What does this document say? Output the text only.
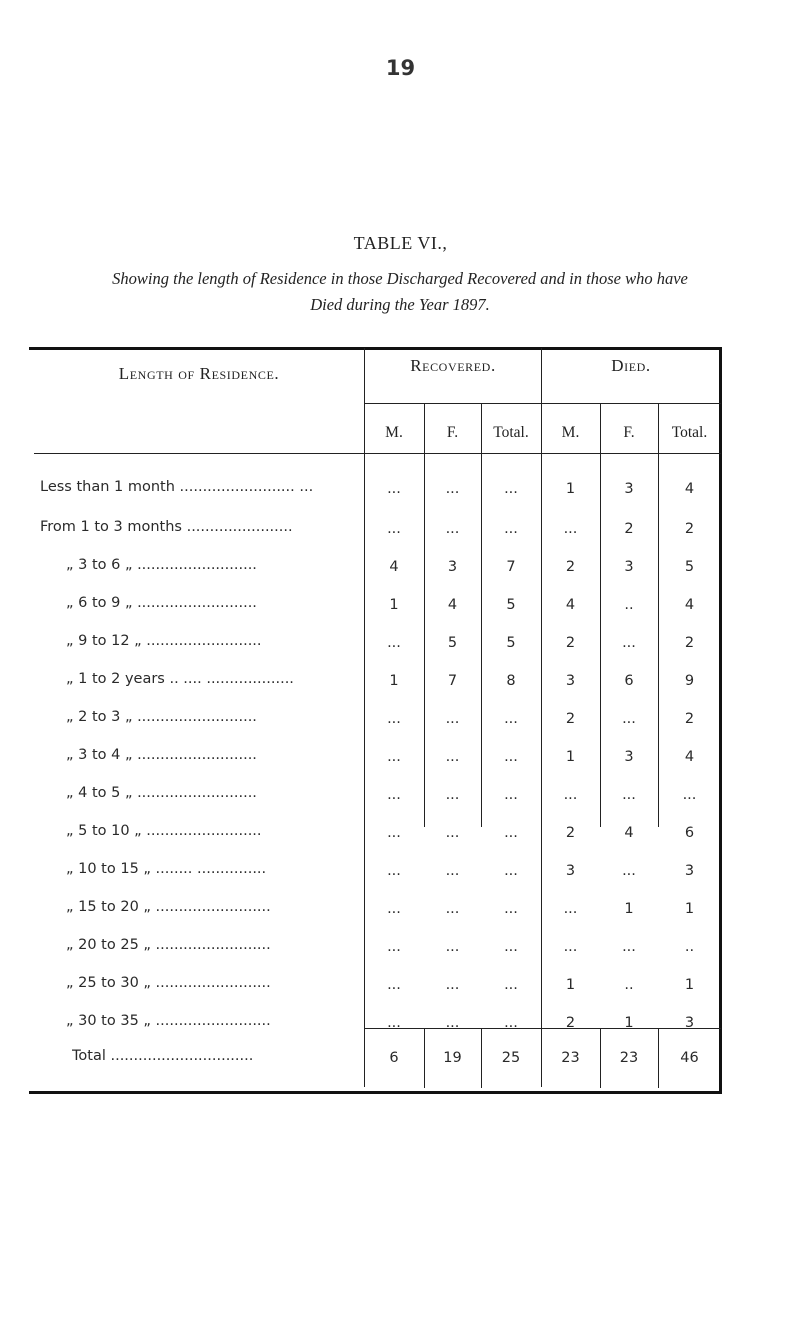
19
TABLE VI.,
Showing the length of Residence in those Discharged Recovered and in those who have
Died during the Year 1897.
Length of Residence.	Recovered.	Died.
M.	F.	Total.	M.	F.	Total.
Less than 1 month ......................... ...	...	...	...	1	3	4
From 1 to 3 months .......................	...	...	...	...	2	2
„ 3 to 6 „ ..........................	4	3	7	2	3	5
„ 6 to 9 „ ..........................	1	4	5	4	..	4
„ 9 to 12 „ .........................	...	5	5	2	...	2
„ 1 to 2 years .. .... ...................	1	7	8	3	6	9
„ 2 to 3 „ ..........................	...	...	...	2	...	2
„ 3 to 4 „ ..........................	...	...	...	1	3	4
„ 4 to 5 „ ..........................	...	...	...	...	...	...
„ 5 to 10 „ .........................	...	...	...	2	4	6
„ 10 to 15 „ ........ ...............	...	...	...	3	...	3
„ 15 to 20 „ .........................	...	...	...	...	1	1
„ 20 to 25 „ .........................	...	...	...	...	...	..
„ 25 to 30 „ .........................	...	...	...	1	..	1
„ 30 to 35 „ .........................	...	...	...	2	1	3
Total ...............................	6	19	25	23	23	46
